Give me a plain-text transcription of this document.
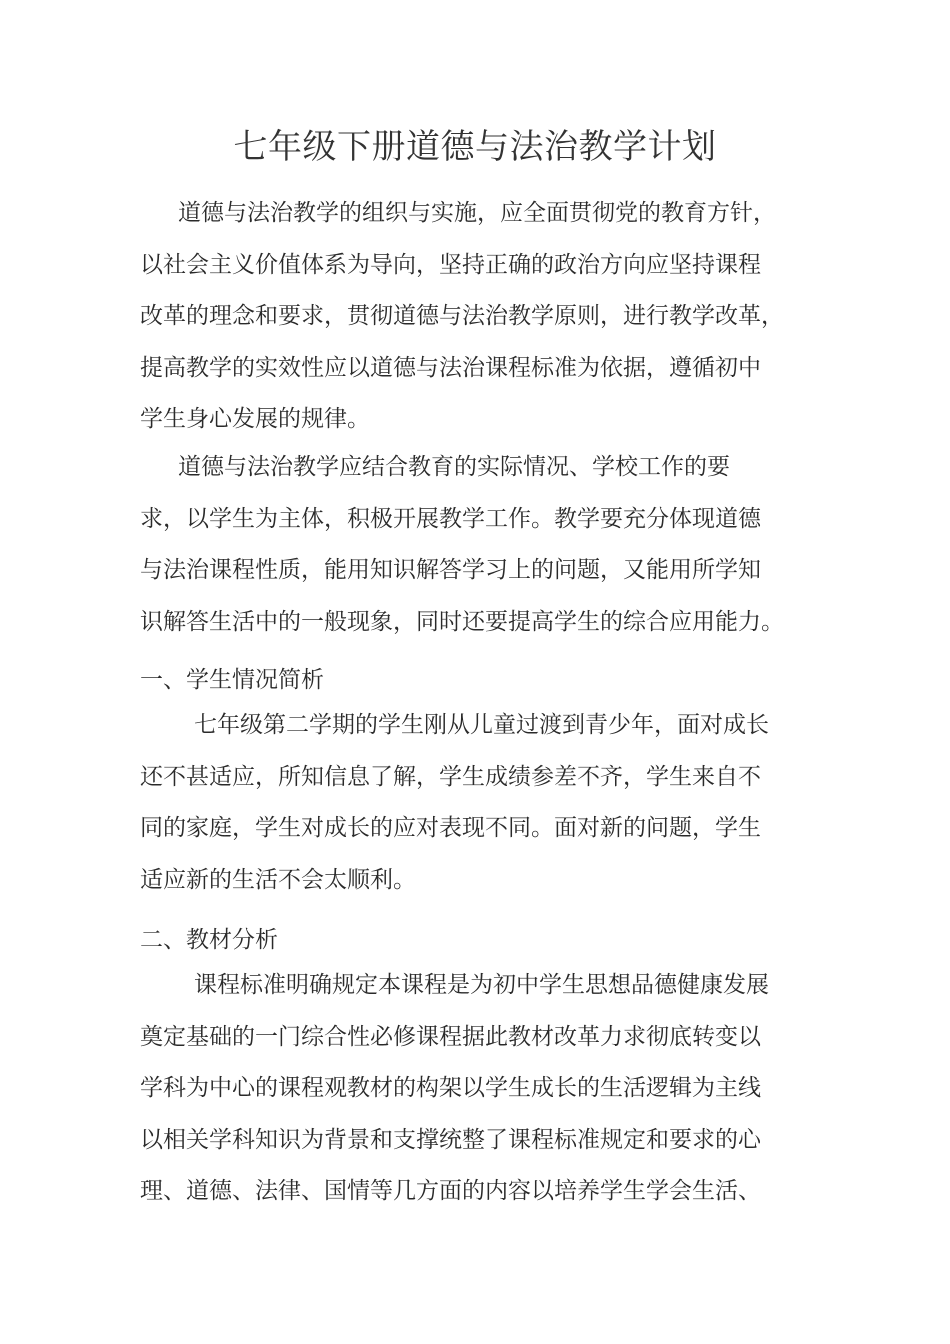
七年级下册道德与法治教学计划
道德与法治教学的组织与实施，应全面贯彻党的教育方针，
以社会主义价值体系为导向，坚持正确的政治方向应坚持课程
改革的理念和要求，贯彻道德与法治教学原则，进行教学改革，
提高教学的实效性应以道德与法治课程标准为依据，遵循初中
学生身心发展的规律。
道德与法治教学应结合教育的实际情况、学校工作的要
求，以学生为主体，积极开展教学工作。教学要充分体现道德
与法治课程性质，能用知识解答学习上的问题，又能用所学知
识解答生活中的一般现象，同时还要提高学生的综合应用能力。
一、学生情况简析
七年级第二学期的学生刚从儿童过渡到青少年，面对成长
还不甚适应，所知信息了解，学生成绩参差不齐，学生来自不
同的家庭，学生对成长的应对表现不同。面对新的问题，学生
适应新的生活不会太顺利。
二、教材分析
课程标准明确规定本课程是为初中学生思想品德健康发展
奠定基础的一门综合性必修课程据此教材改革力求彻底转变以
学科为中心的课程观教材的构架以学生成长的生活逻辑为主线
以相关学科知识为背景和支撑统整了课程标准规定和要求的心
理、道德、法律、国情等几方面的内容以培养学生学会生活、
